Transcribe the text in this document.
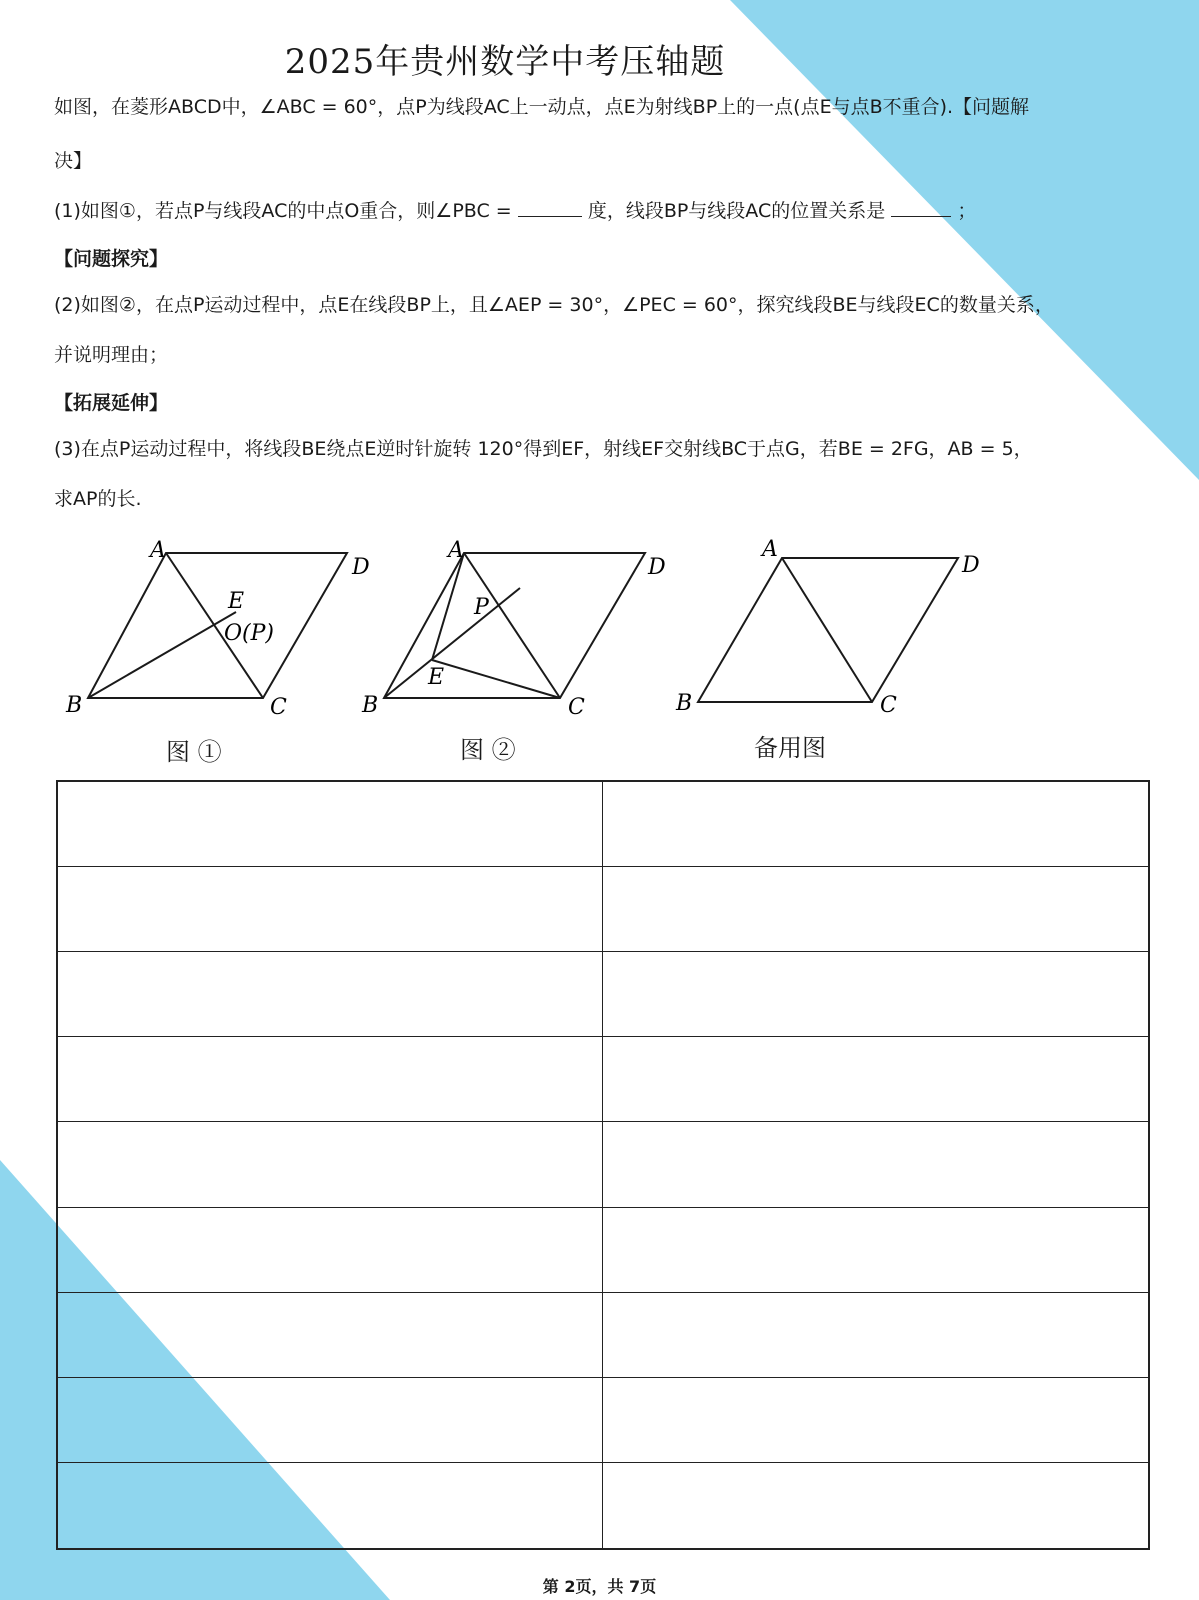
2025年贵州数学中考压轴题
如图，在菱形ABCD中，∠ABC = 60°，点P为线段AC上一动点，点E为射线BP上的一点(点E与点B不重合).【问题解
决】
(1)如图①，若点P与线段AC的中点O重合，则∠PBC =	度，线段BP与线段AC的位置关系是	；
【问题探究】
(2)如图②，在点P运动过程中，点E在线段BP上，且∠AEP = 30°，∠PEC = 60°，探究线段BE与线段EC的数量关系，
并说明理由；
【拓展延伸】
(3)在点P运动过程中，将线段BE绕点E逆时针旋转 120°得到EF，射线EF交射线BC于点G，若BE = 2FG，AB = 5，
求AP的长.
A
D
B	C
E
O(P)
A
D
B	C
P
E
A
D
B	C
图 ①	图 ②	备用图
第 2页，共 7页
